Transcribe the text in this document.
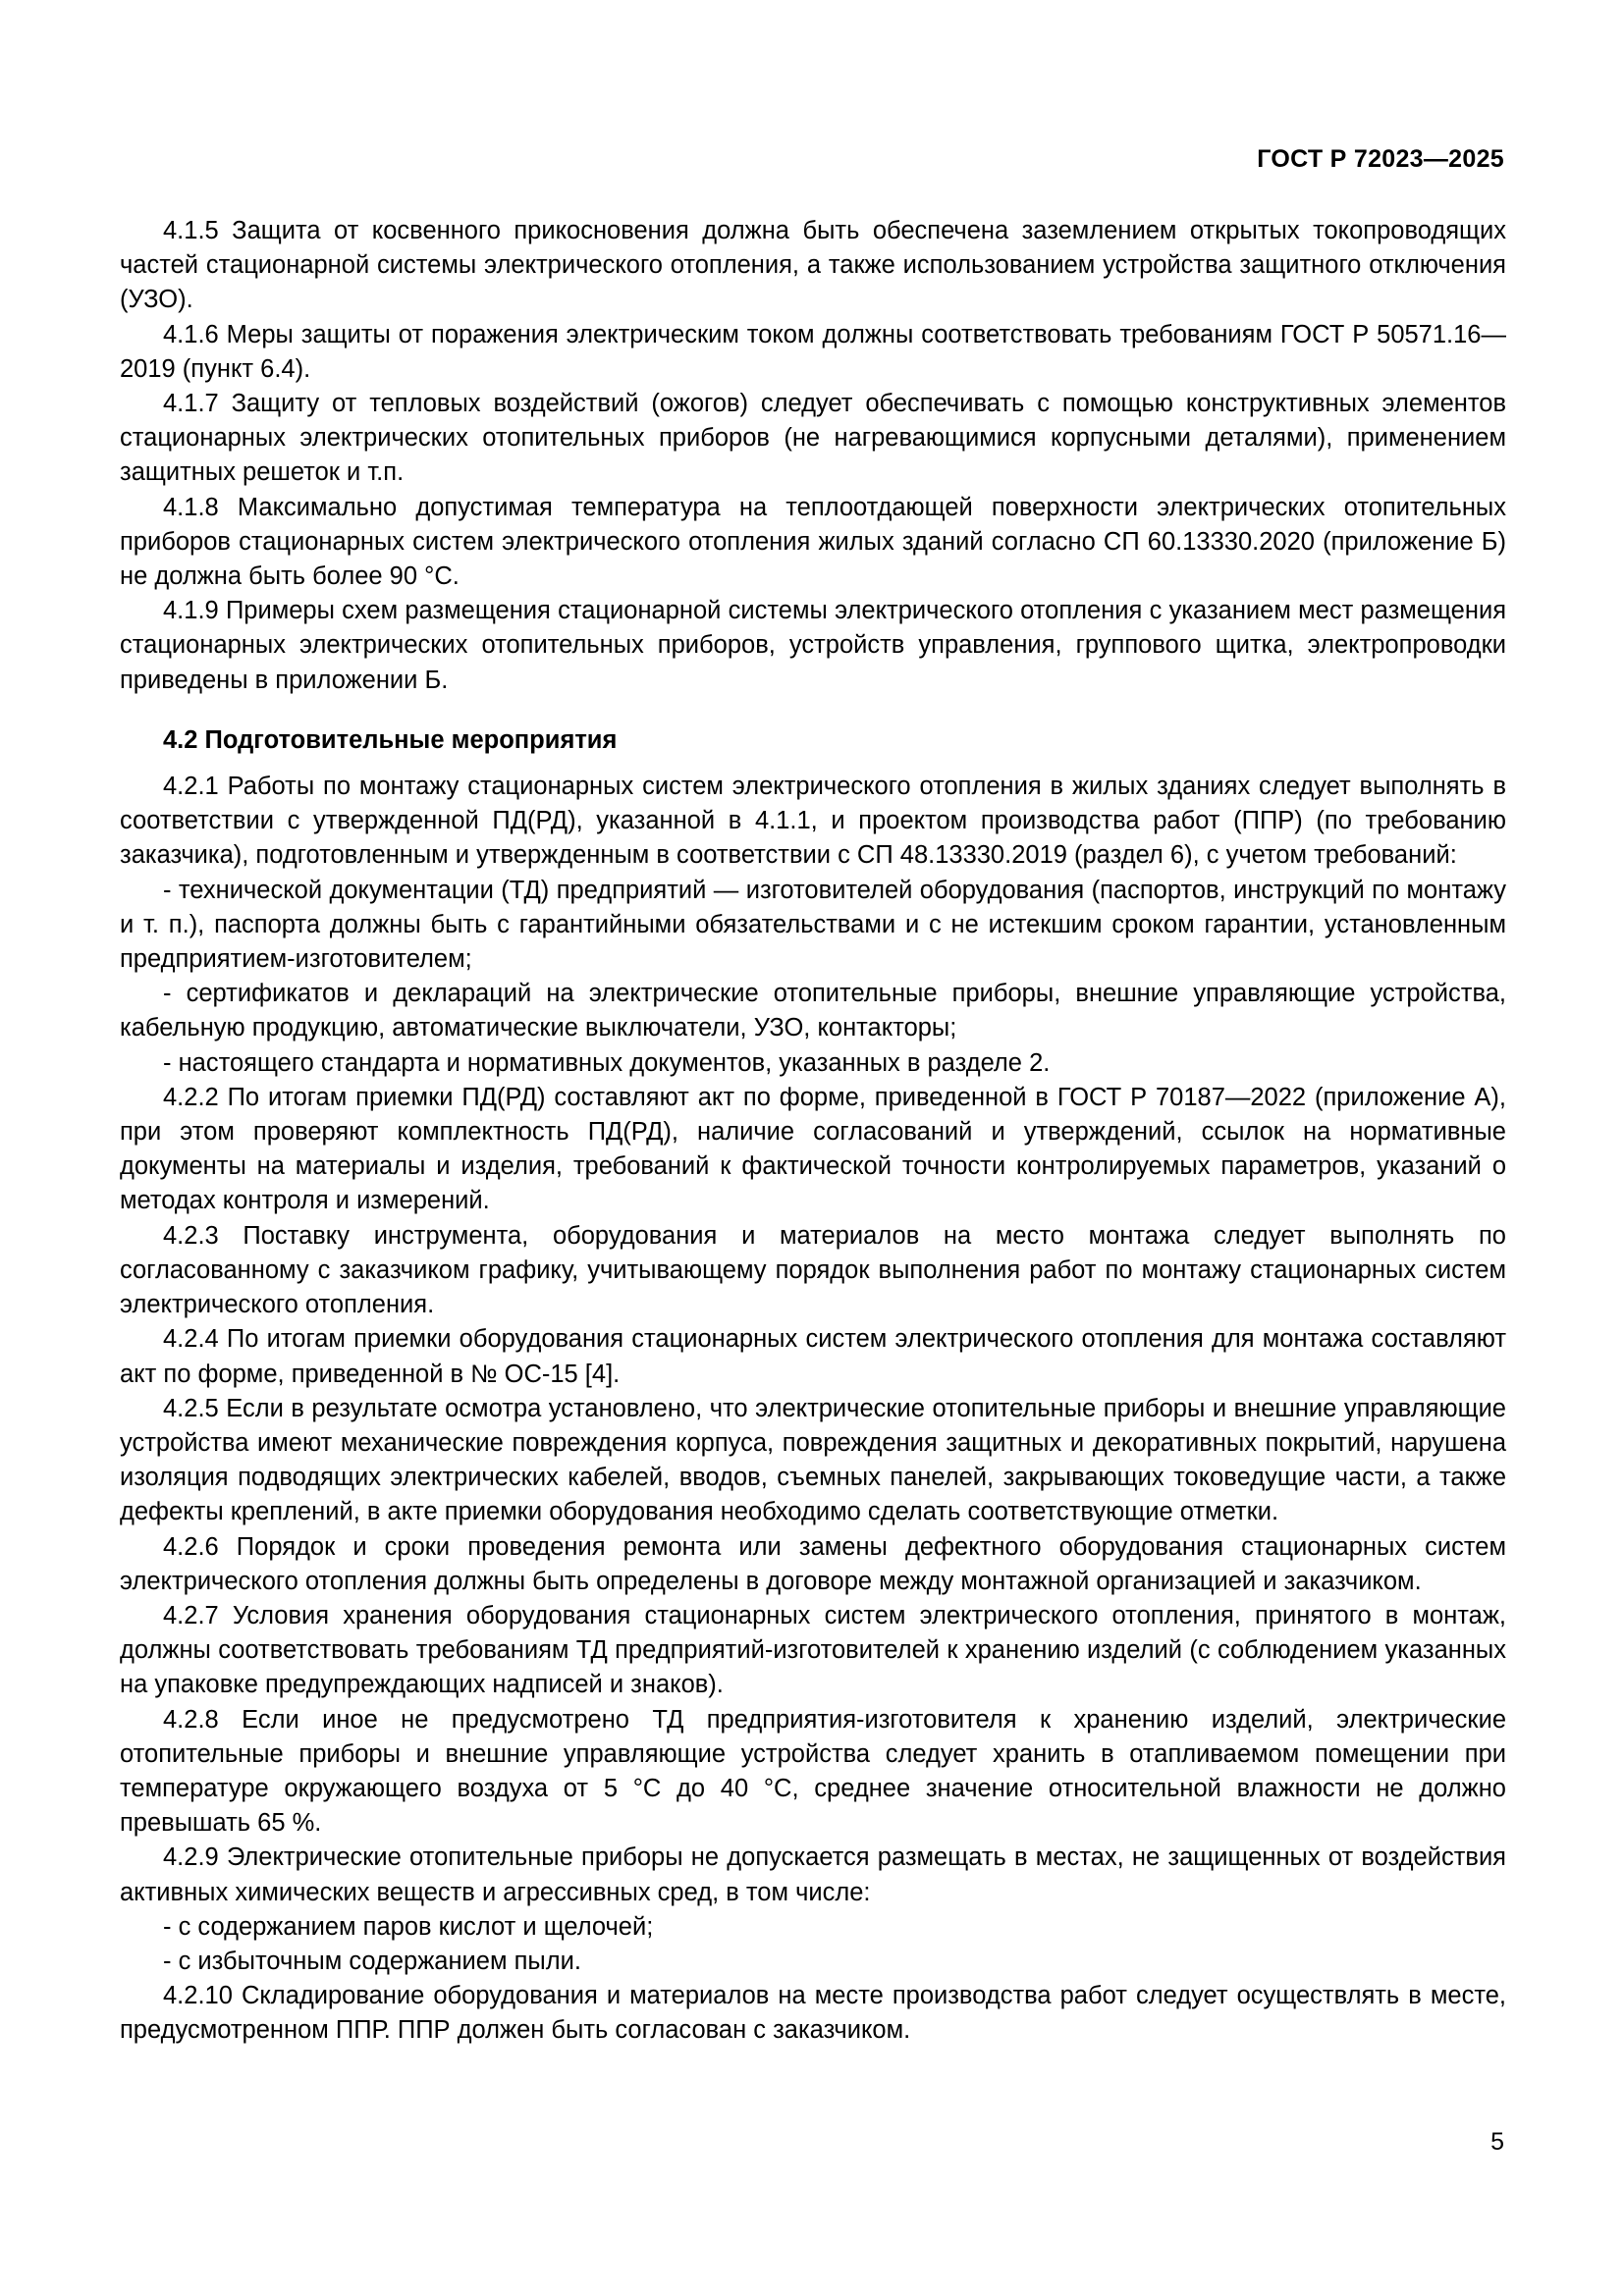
ГОСТ Р 72023—2025

4.1.5 Защита от косвенного прикосновения должна быть обеспечена заземлением открытых токопроводящих частей стационарной системы электрического отопления, а также использованием устройства защитного отключения (УЗО).

4.1.6 Меры защиты от поражения электрическим током должны соответствовать требованиям ГОСТ Р 50571.16—2019 (пункт 6.4).

4.1.7 Защиту от тепловых воздействий (ожогов) следует обеспечивать с помощью конструктивных элементов стационарных электрических отопительных приборов (не нагревающимися корпусными деталями), применением защитных решеток и т.п.

4.1.8 Максимально допустимая температура на теплоотдающей поверхности электрических отопительных приборов стационарных систем электрического отопления жилых зданий согласно СП 60.13330.2020 (приложение Б) не должна быть более 90 °С.

4.1.9 Примеры схем размещения стационарной системы электрического отопления с указанием мест размещения стационарных электрических отопительных приборов, устройств управления, группового щитка, электропроводки приведены в приложении Б.

4.2 Подготовительные мероприятия

4.2.1 Работы по монтажу стационарных систем электрического отопления в жилых зданиях следует выполнять в соответствии с утвержденной ПД(РД), указанной в 4.1.1, и проектом производства работ (ППР) (по требованию заказчика), подготовленным и утвержденным в соответствии с СП 48.13330.2019 (раздел 6), с учетом требований:

- технической документации (ТД) предприятий — изготовителей оборудования (паспортов, инструкций по монтажу и т. п.), паспорта должны быть с гарантийными обязательствами и с не истекшим сроком гарантии, установленным предприятием-изготовителем;

- сертификатов и деклараций на электрические отопительные приборы, внешние управляющие устройства, кабельную продукцию, автоматические выключатели, УЗО, контакторы;

- настоящего стандарта и нормативных документов, указанных в разделе 2.

4.2.2 По итогам приемки ПД(РД) составляют акт по форме, приведенной в ГОСТ Р 70187—2022 (приложение А), при этом проверяют комплектность ПД(РД), наличие согласований и утверждений, ссылок на нормативные документы на материалы и изделия, требований к фактической точности контролируемых параметров, указаний о методах контроля и измерений.

4.2.3 Поставку инструмента, оборудования и материалов на место монтажа следует выполнять по согласованному с заказчиком графику, учитывающему порядок выполнения работ по монтажу стационарных систем электрического отопления.

4.2.4 По итогам приемки оборудования стационарных систем электрического отопления для монтажа составляют акт по форме, приведенной в № ОС-15 [4].

4.2.5 Если в результате осмотра установлено, что электрические отопительные приборы и внешние управляющие устройства имеют механические повреждения корпуса, повреждения защитных и декоративных покрытий, нарушена изоляция подводящих электрических кабелей, вводов, съемных панелей, закрывающих токоведущие части, а также дефекты креплений, в акте приемки оборудования необходимо сделать соответствующие отметки.

4.2.6 Порядок и сроки проведения ремонта или замены дефектного оборудования стационарных систем электрического отопления должны быть определены в договоре между монтажной организацией и заказчиком.

4.2.7 Условия хранения оборудования стационарных систем электрического отопления, принятого в монтаж, должны соответствовать требованиям ТД предприятий-изготовителей к хранению изделий (с соблюдением указанных на упаковке предупреждающих надписей и знаков).

4.2.8 Если иное не предусмотрено ТД предприятия-изготовителя к хранению изделий, электрические отопительные приборы и внешние управляющие устройства следует хранить в отапливаемом помещении при температуре окружающего воздуха от 5 °С до 40 °С, среднее значение относительной влажности не должно превышать 65 %.

4.2.9 Электрические отопительные приборы не допускается размещать в местах, не защищенных от воздействия активных химических веществ и агрессивных сред, в том числе:

- с содержанием паров кислот и щелочей;

- с избыточным содержанием пыли.

4.2.10 Складирование оборудования и материалов на месте производства работ следует осуществлять в месте, предусмотренном ППР. ППР должен быть согласован с заказчиком.

5
